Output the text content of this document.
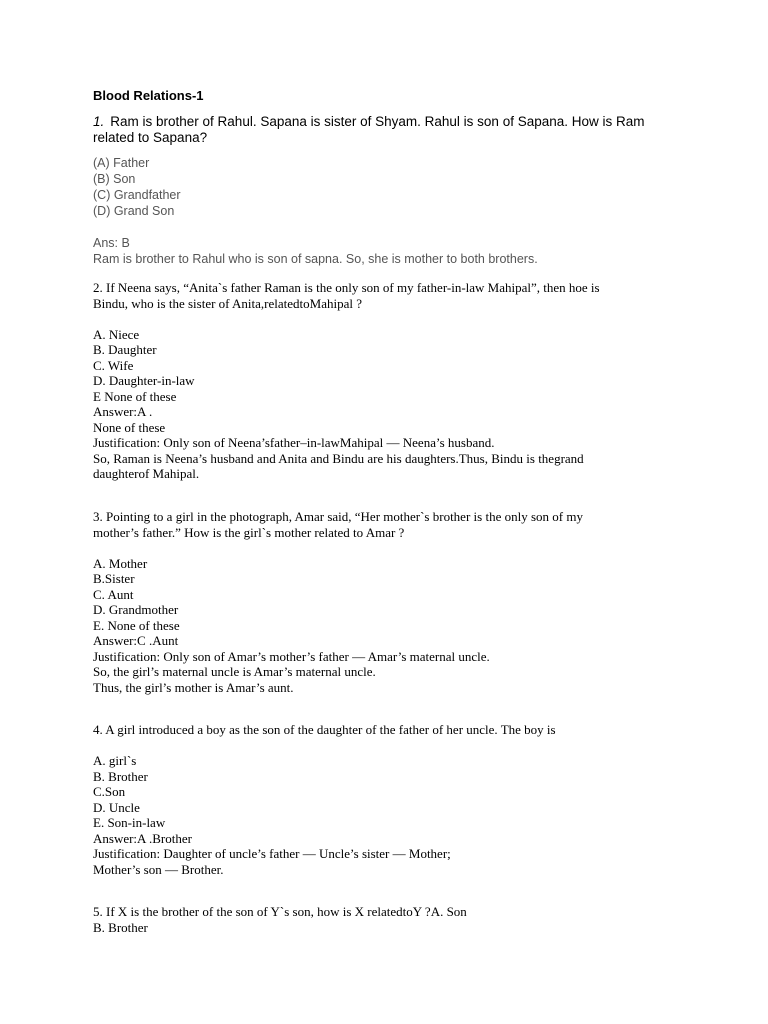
Blood Relations-1
1. Ram is brother of Rahul. Sapana is sister of Shyam. Rahul is son of Sapana. How is Ram
related to Sapana?
(A) Father
(B) Son
(C) Grandfather
(D) Grand Son
Ans: B
Ram is brother to Rahul who is son of sapna. So, she is mother to both brothers.
2. If Neena says, “Anita`s father Raman is the only son of my father-in-law Mahipal”, then hoe is
Bindu, who is the sister of Anita,relatedtoMahipal ?
A. Niece
B. Daughter
C. Wife
D. Daughter-in-law
E None of these
Answer:A .
None of these
Justification: Only son of Neena’sfather–in-lawMahipal — Neena’s husband.
So, Raman is Neena’s husband and Anita and Bindu are his daughters.Thus, Bindu is thegrand
daughterof Mahipal.
3. Pointing to a girl in the photograph, Amar said, “Her mother`s brother is the only son of my
mother’s father.” How is the girl`s mother related to Amar ?
A. Mother
B.Sister
C. Aunt
D. Grandmother
E. None of these
Answer:C .Aunt
Justification: Only son of Amar’s mother’s father — Amar’s maternal uncle.
So, the girl’s maternal uncle is Amar’s maternal uncle.
Thus, the girl’s mother is Amar’s aunt.
4. A girl introduced a boy as the son of the daughter of the father of her uncle. The boy is
A. girl`s
B. Brother
C.Son
D. Uncle
E. Son-in-law
Answer:A .Brother
Justification: Daughter of uncle’s father — Uncle’s sister — Mother;
Mother’s son — Brother.
5. If X is the brother of the son of Y`s son, how is X relatedtoY ?A. Son
B. Brother
